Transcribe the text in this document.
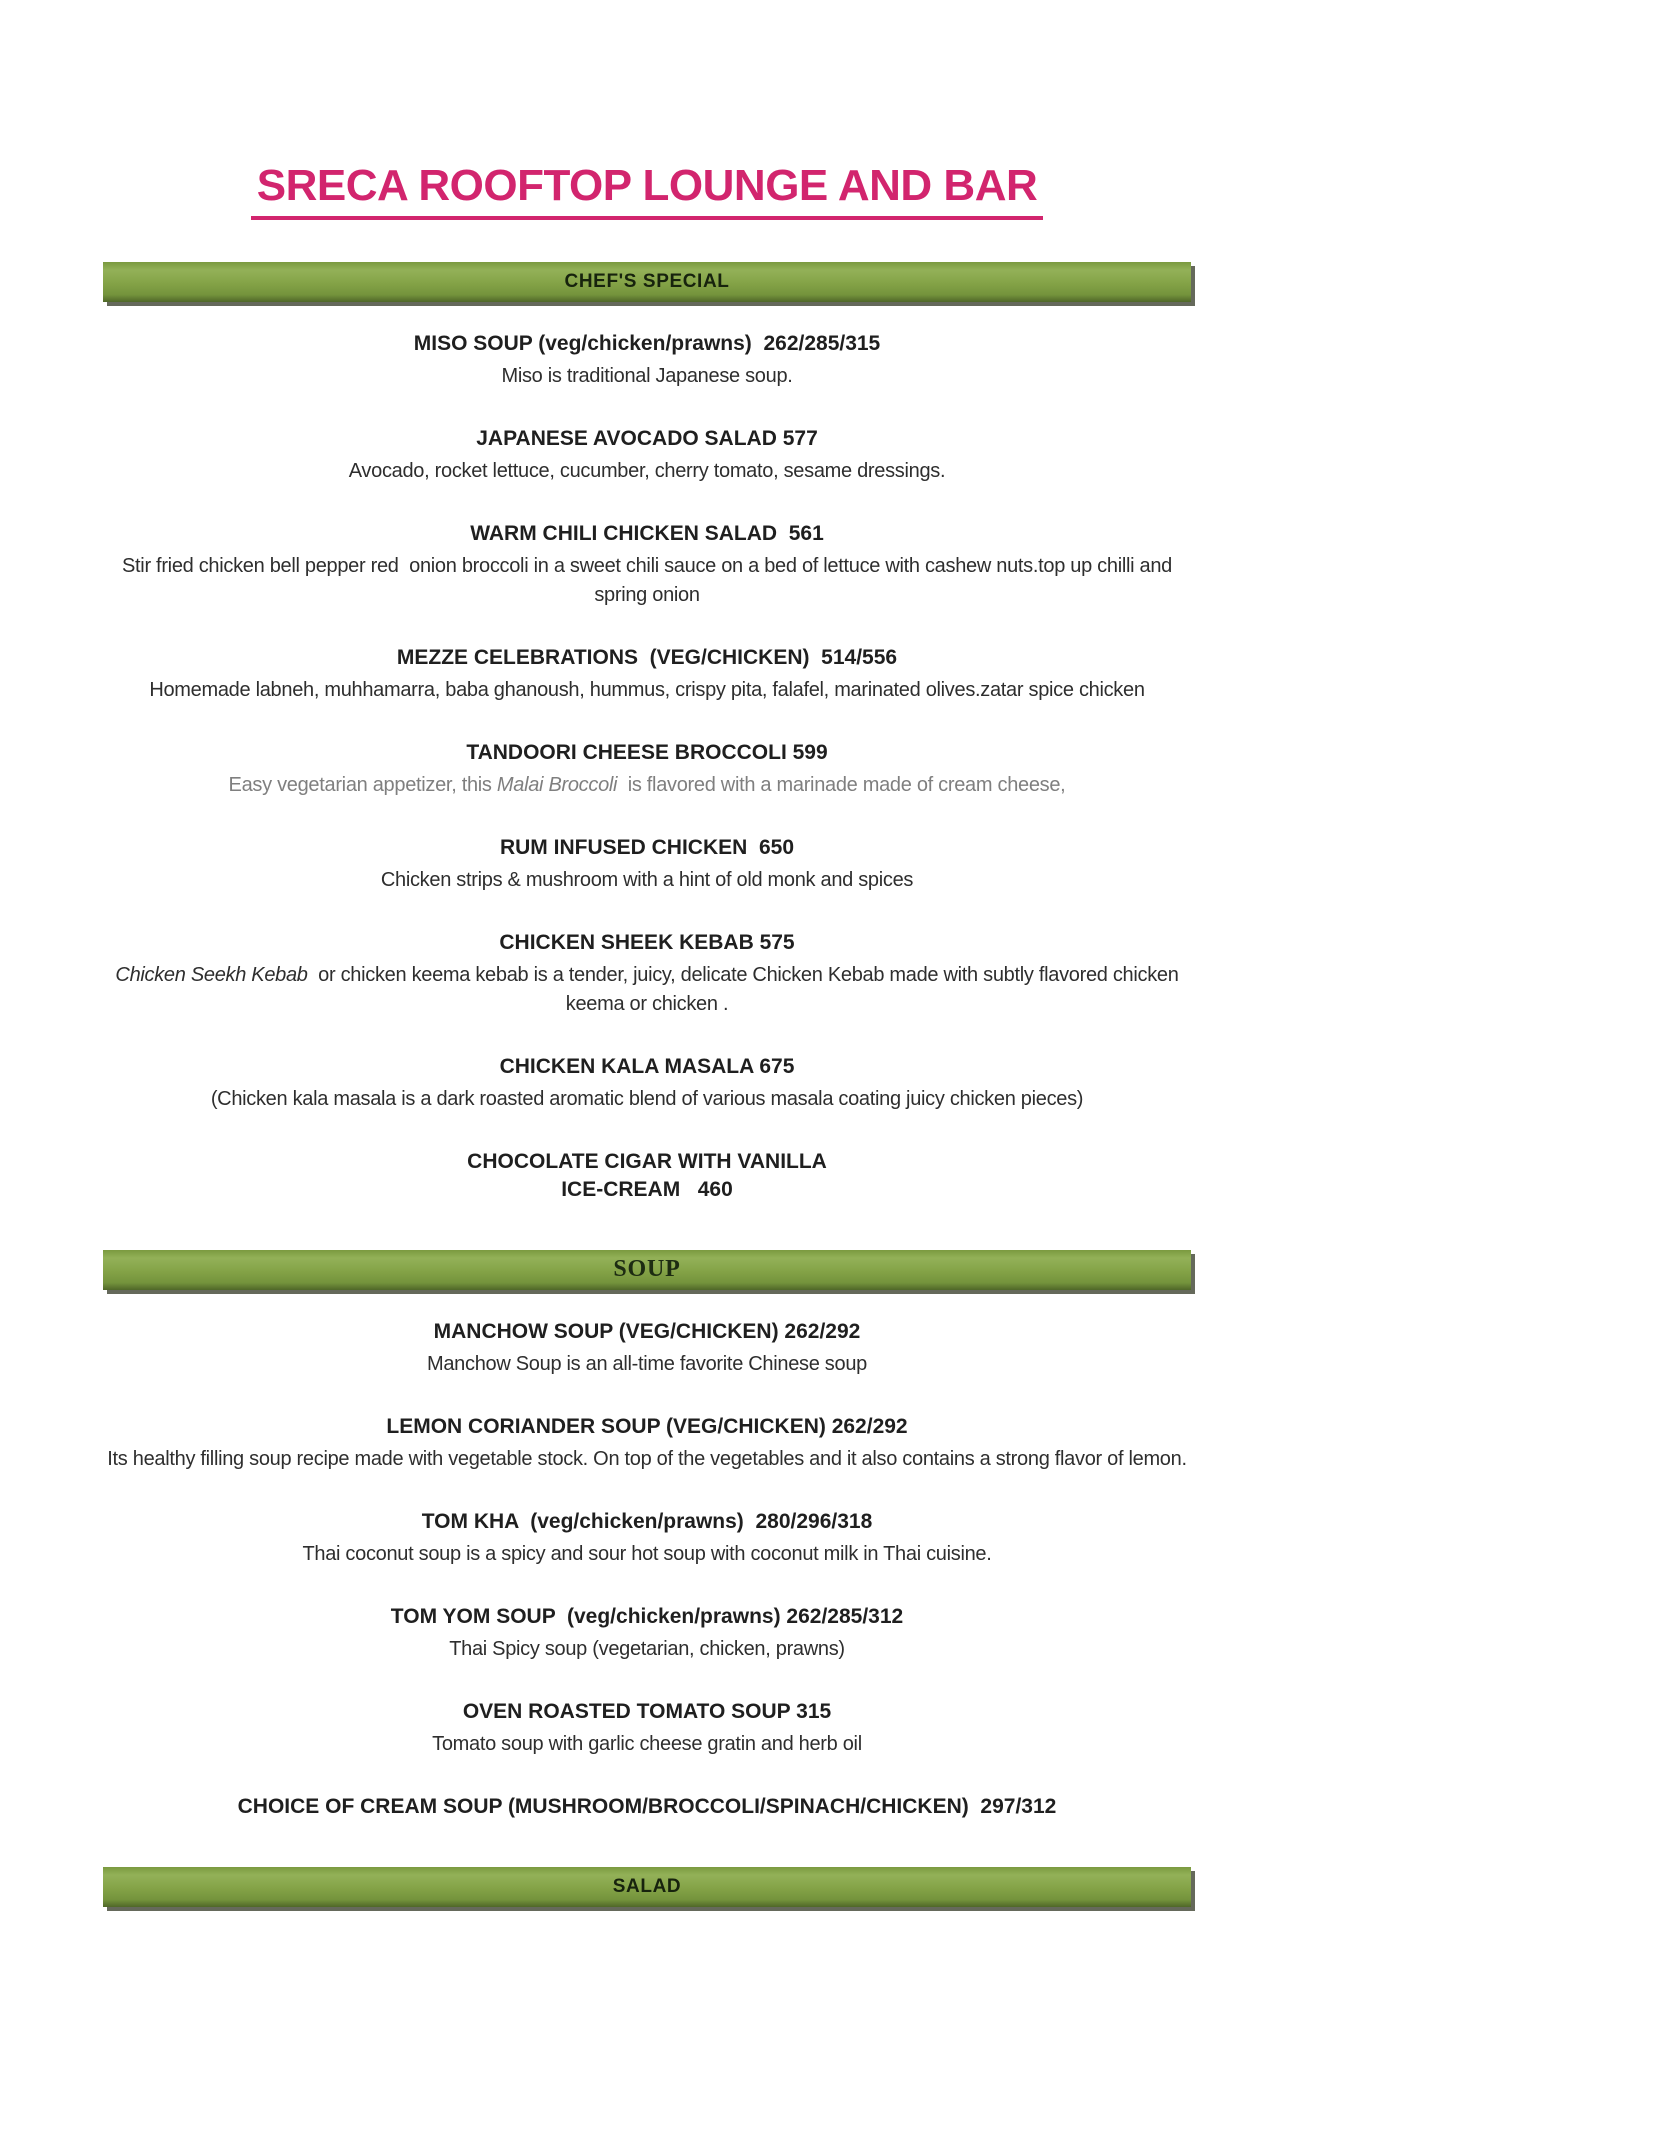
SRECA ROOFTOP LOUNGE AND BAR
CHEF'S SPECIAL
MISO SOUP (veg/chicken/prawns)  262/285/315
Miso is traditional Japanese soup.
JAPANESE AVOCADO SALAD 577
Avocado, rocket lettuce, cucumber, cherry tomato, sesame dressings.
WARM CHILI CHICKEN SALAD  561
Stir fried chicken bell pepper red  onion broccoli in a sweet chili sauce on a bed of lettuce with cashew nuts.top up chilli and spring onion
MEZZE CELEBRATIONS  (VEG/CHICKEN)  514/556
Homemade labneh, muhhamarra, baba ghanoush, hummus, crispy pita, falafel, marinated olives.zatar spice chicken
TANDOORI CHEESE BROCCOLI 599
Easy vegetarian appetizer, this Malai Broccoli  is flavored with a marinade made of cream cheese,
RUM INFUSED CHICKEN  650
Chicken strips & mushroom with a hint of old monk and spices
CHICKEN SHEEK KEBAB 575
Chicken Seekh Kebab  or chicken keema kebab is a tender, juicy, delicate Chicken Kebab made with subtly flavored chicken keema or chicken .
CHICKEN KALA MASALA 675
(Chicken kala masala is a dark roasted aromatic blend of various masala coating juicy chicken pieces)
CHOCOLATE CIGAR WITH VANILLA
ICE-CREAM   460
SOUP
MANCHOW SOUP (VEG/CHICKEN) 262/292
Manchow Soup is an all-time favorite Chinese soup
LEMON CORIANDER SOUP (VEG/CHICKEN) 262/292
Its healthy filling soup recipe made with vegetable stock. On top of the vegetables and it also contains a strong flavor of lemon.
TOM KHA  (veg/chicken/prawns)  280/296/318
Thai coconut soup is a spicy and sour hot soup with coconut milk in Thai cuisine.
TOM YOM SOUP  (veg/chicken/prawns) 262/285/312
Thai Spicy soup (vegetarian, chicken, prawns)
OVEN ROASTED TOMATO SOUP 315
Tomato soup with garlic cheese gratin and herb oil
CHOICE OF CREAM SOUP (MUSHROOM/BROCCOLI/SPINACH/CHICKEN)  297/312
SALAD
